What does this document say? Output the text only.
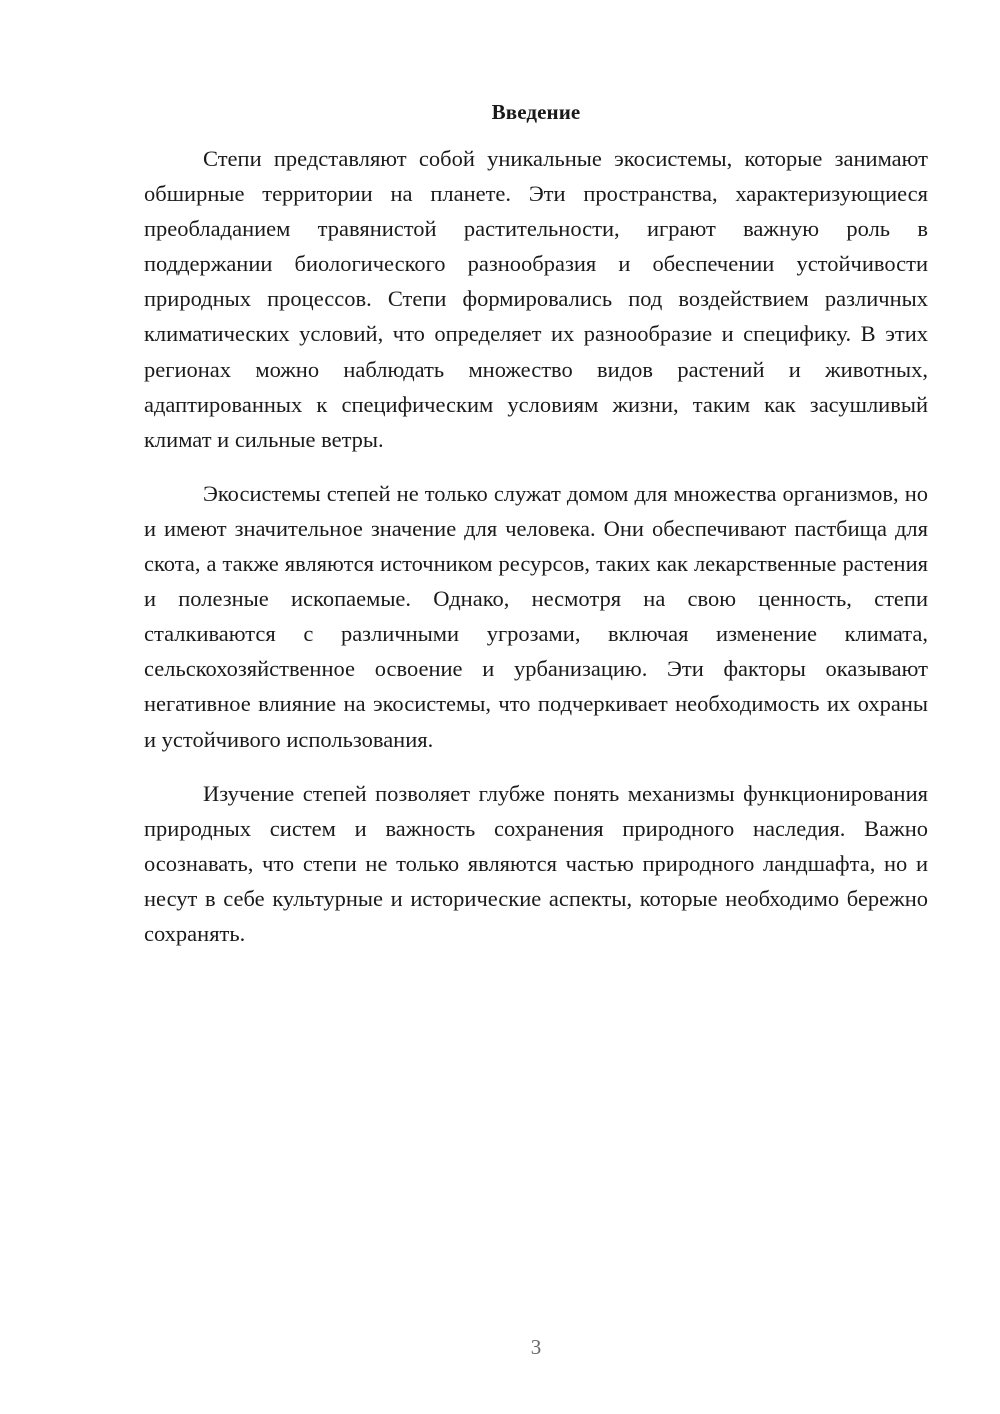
Введение

Степи представляют собой уникальные экосистемы, которые занимают обширные территории на планете. Эти пространства, характеризующиеся преобладанием травянистой растительности, играют важную роль в поддержании биологического разнообразия и обеспечении устойчивости природных процессов. Степи формировались под воздействием различных климатических условий, что определяет их разнообразие и специфику. В этих регионах можно наблюдать множество видов растений и животных, адаптированных к специфическим условиям жизни, таким как засушливый климат и сильные ветры.

Экосистемы степей не только служат домом для множества организмов, но и имеют значительное значение для человека. Они обеспечивают пастбища для скота, а также являются источником ресурсов, таких как лекарственные растения и полезные ископаемые. Однако, несмотря на свою ценность, степи сталкиваются с различными угрозами, включая изменение климата, сельскохозяйственное освоение и урбанизацию. Эти факторы оказывают негативное влияние на экосистемы, что подчеркивает необходимость их охраны и устойчивого использования.

Изучение степей позволяет глубже понять механизмы функционирования природных систем и важность сохранения природного наследия. Важно осознавать, что степи не только являются частью природного ландшафта, но и несут в себе культурные и исторические аспекты, которые необходимо бережно сохранять.

3
